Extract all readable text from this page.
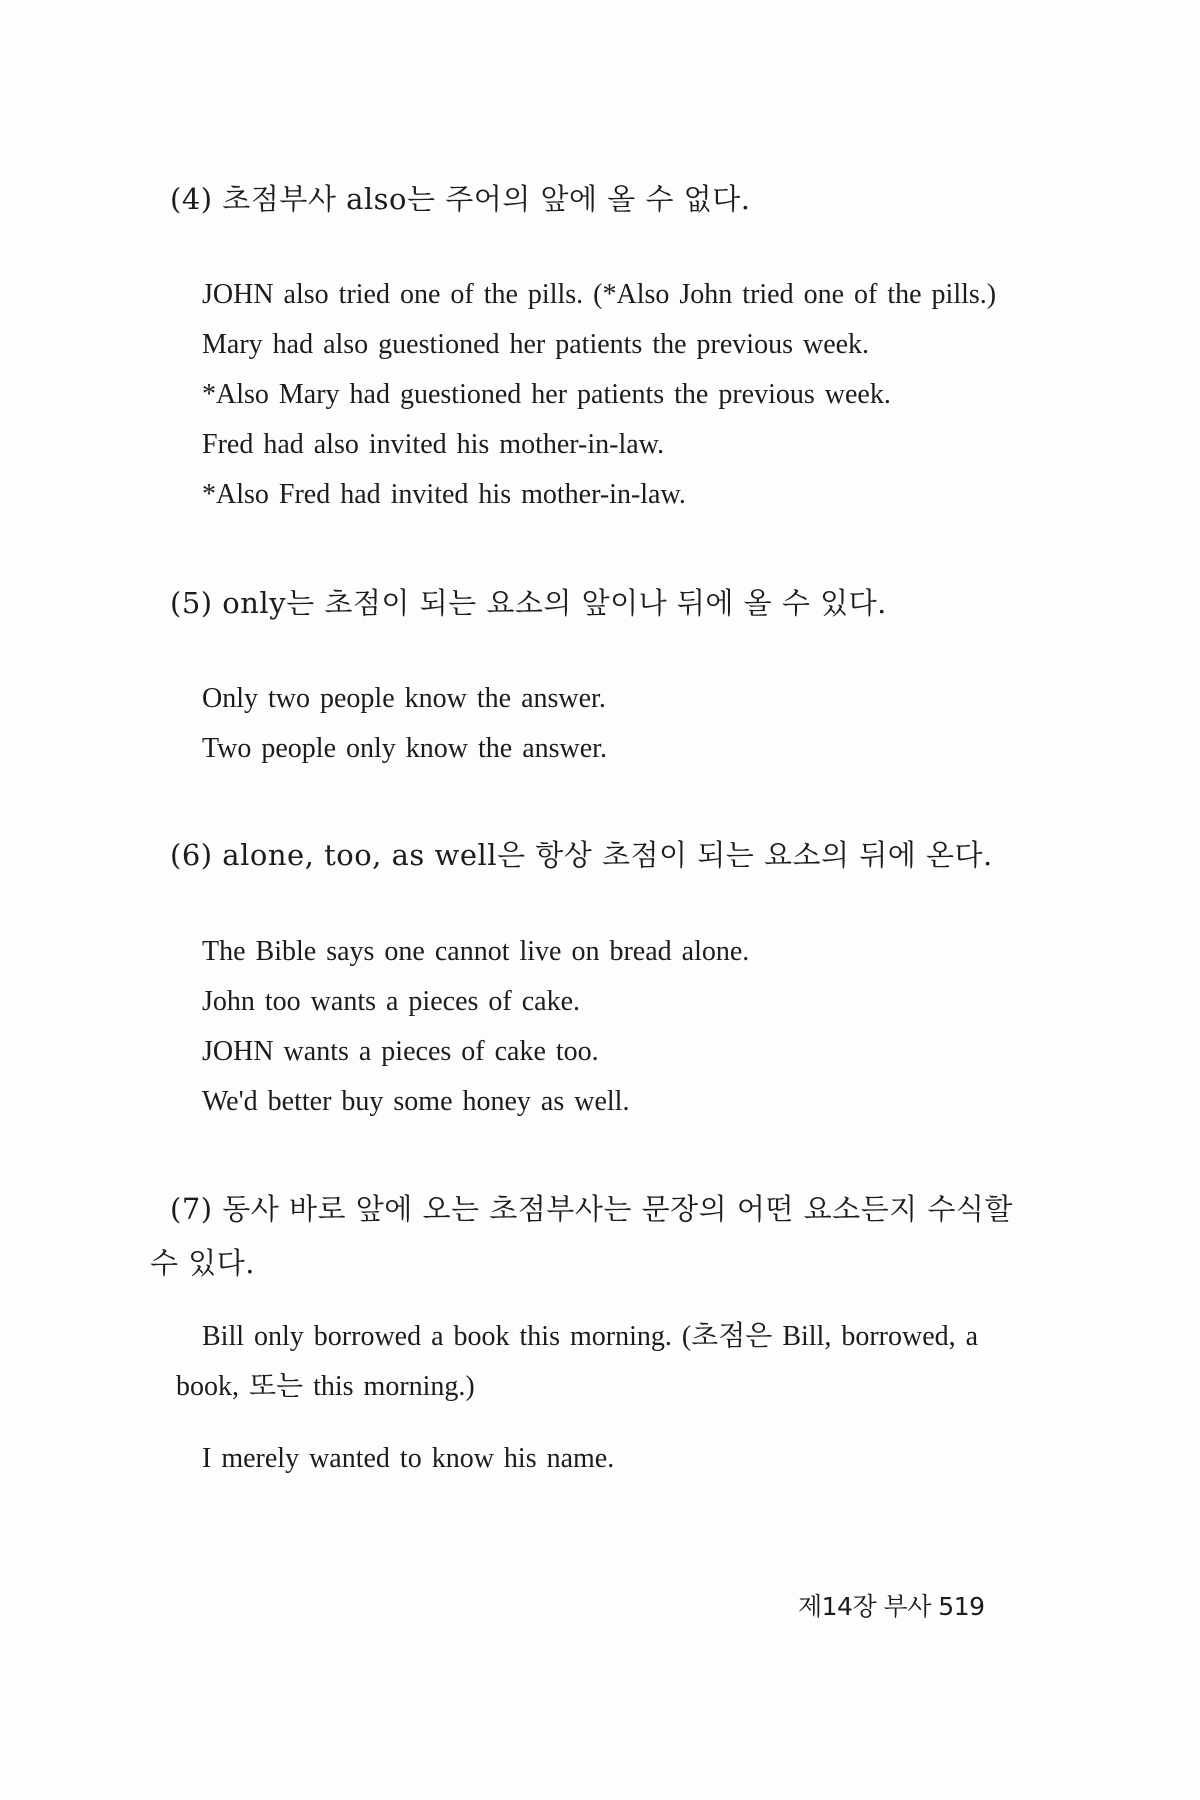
(4) 초점부사 also는 주어의 앞에 올 수 없다.
JOHN also tried one of the pills. (*Also John tried one of the pills.)
Mary had also guestioned her patients the previous week.
*Also Mary had guestioned her patients the previous week.
Fred had also invited his mother-in-law.
*Also Fred had invited his mother-in-law.
(5) only는 초점이 되는 요소의 앞이나 뒤에 올 수 있다.
Only two people know the answer.
Two people only know the answer.
(6) alone, too, as well은 항상 초점이 되는 요소의 뒤에 온다.
The Bible says one cannot live on bread alone.
John too wants a pieces of cake.
JOHN wants a pieces of cake too.
We'd better buy some honey as well.
(7) 동사 바로 앞에 오는 초점부사는 문장의 어떤 요소든지 수식할 수 있다.
Bill only borrowed a book this morning. (초점은 Bill, borrowed, a book, 또는 this morning.)
I merely wanted to know his name.
제14장 부사 519
